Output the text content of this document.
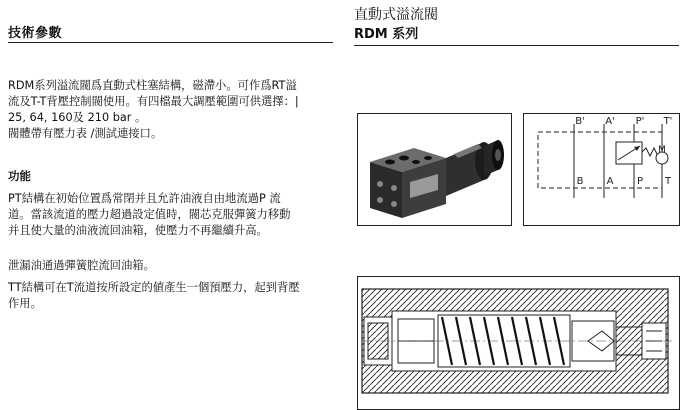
技術參數
直動式溢流閥
RDM 系列

RDM系列溢流閥爲直動式柱塞結構，磁滯小。可作爲RT溢

流及T-T背壓控制閥使用。有四檔最大調壓範圍可供選擇：|

25, 64, 160及 210 bar 。

閥體帶有壓力表 /測試連接口。

功能

PT結構在初始位置爲常閉并且允許油液自由地流過P 流

道。當該流道的壓力超過設定值時，閥芯克服彈簧力移動

并且使大量的油液流回油箱，使壓力不再繼續升高。

泄漏油通過彈簧腔流回油箱。

TT結構可在T流道按所設定的値產生一個預壓力，起到背壓

作用。

B' A' P' T'
B A P T
M
